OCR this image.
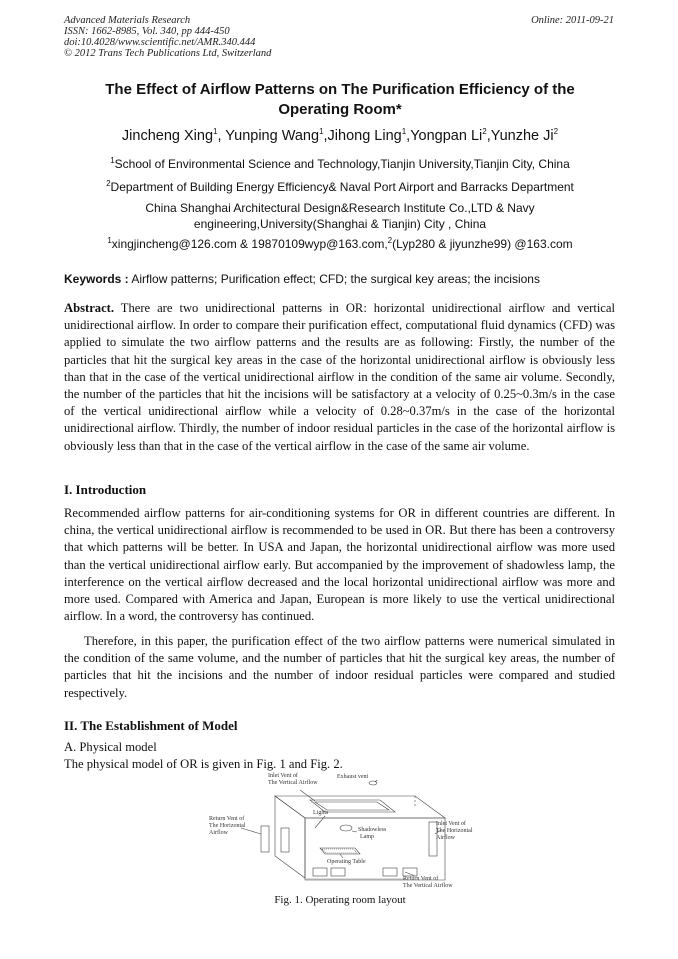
Advanced Materials Research
ISSN: 1662-8985, Vol. 340, pp 444-450
doi:10.4028/www.scientific.net/AMR.340.444
© 2012 Trans Tech Publications Ltd, Switzerland
Online: 2011-09-21
The Effect of Airflow Patterns on The Purification Efficiency of the Operating Room*
Jincheng Xing$^1$, Yunping Wang$^1$,Jihong Ling$^1$,Yongpan Li$^2$,Yunzhe Ji$^2$
$^1$School of Environmental Science and Technology,Tianjin University,Tianjin City, China
$^2$Department of Building Energy Efficiency& Naval Port Airport and Barracks Department
China Shanghai Architectural Design&Research Institute Co.,LTD & Navy engineering,University(Shanghai & Tianjin) City , China
$^1$xingjincheng@126.com & 19870109wyp@163.com,$^2$(Lyp280 & jiyunzhe99) @163.com
Keywords : Airflow patterns; Purification effect; CFD; the surgical key areas; the incisions
Abstract. There are two unidirectional patterns in OR: horizontal unidirectional airflow and vertical unidirectional airflow. In order to compare their purification effect, computational fluid dynamics (CFD) was applied to simulate the two airflow patterns and the results are as following: Firstly, the number of the particles that hit the surgical key areas in the case of the horizontal unidirectional airflow is obviously less than that in the case of the vertical unidirectional airflow in the condition of the same air volume. Secondly, the number of the particles that hit the incisions will be satisfactory at a velocity of 0.25~0.3m/s in the case of the vertical unidirectional airflow while a velocity of 0.28~0.37m/s in the case of the horizontal unidirectional airflow. Thirdly, the number of indoor residual particles in the case of the horizontal airflow is obviously less than that in the case of the vertical airflow in the case of the same air volume.
I. Introduction
Recommended airflow patterns for air-conditioning systems for OR in different countries are different. In china, the vertical unidirectional airflow is recommended to be used in OR. But there has been a controversy that which patterns will be better. In USA and Japan, the horizontal unidirectional airflow was more used than the vertical unidirectional airflow early. But accompanied by the improvement of shadowless lamp, the interference on the vertical airflow decreased and the local horizontal unidirectional airflow was more and more used. Compared with America and Japan, European is more likely to use the vertical unidirectional airflow. In a word, the controversy has continued.
Therefore, in this paper, the purification effect of the two airflow patterns were numerical simulated in the condition of the same volume, and the number of particles that hit the surgical key areas, the number of particles that hit the incisions and the number of indoor residual particles were compared and studied respectively.
II. The Establishment of Model
A. Physical model
The physical model of OR is given in Fig. 1 and Fig. 2.
Inlet Vent of
The Vertical Airflow
Exhaust vent
Return Vent of
The Horizontal
Airflow
Lights
Shadowless
Lamp
Inlet Vent of
The Horizontal
Airflow
Operating Table
Return Vent of
The Vertical Airflow
Fig. 1. Operating room layout
